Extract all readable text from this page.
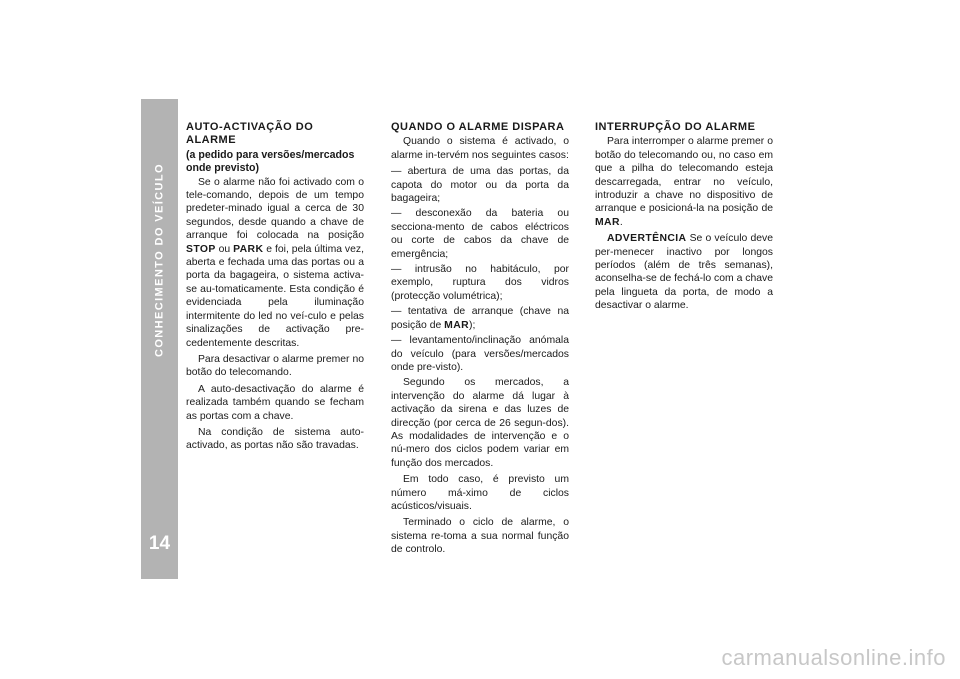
CONHECIMENTO DO VEÍCULO
14
AUTO-ACTIVAÇÃO DO ALARME
(a pedido para versões/mercados onde previsto)

Se o alarme não foi activado com o tele-comando, depois de um tempo predeter-minado igual a cerca de 30 segundos, desde quando a chave de arranque foi colocada na posição STOP ou PARK e foi, pela última vez, aberta e fechada uma das portas ou a porta da bagageira, o sistema activa-se au-tomaticamente. Esta condição é evidenciada pela iluminação intermitente do led no veí-culo e pelas sinalizações de activação pre-cedentemente descritas.

Para desactivar o alarme premer no botão do telecomando.

A auto-desactivação do alarme é realizada também quando se fecham as portas com a chave.

Na condição de sistema auto-activado, as portas não são travadas.

QUANDO O ALARME DISPARA

Quando o sistema é activado, o alarme in-tervém nos seguintes casos:

— abertura de uma das portas, da capota do motor ou da porta da bagageira;

— desconexão da bateria ou secciona-mento de cabos eléctricos ou corte de cabos da chave de emergência;

— intrusão no habitáculo, por exemplo, ruptura dos vidros (protecção volumétrica);

— tentativa de arranque (chave na posição de MAR);

— levantamento/inclinação anómala do veículo (para versões/mercados onde pre-visto).

Segundo os mercados, a intervenção do alarme dá lugar à activação da sirena e das luzes de direcção (por cerca de 26 segun-dos). As modalidades de intervenção e o nú-mero dos ciclos podem variar em função dos mercados.

Em todo caso, é previsto um número má-ximo de ciclos acústicos/visuais.

Terminado o ciclo de alarme, o sistema re-toma a sua normal função de controlo.

INTERRUPÇÃO DO ALARME

Para interromper o alarme premer o botão do telecomando ou, no caso em que a pilha do telecomando esteja descarregada, entrar no veículo, introduzir a chave no dispositivo de arranque e posicioná-la na posição de MAR.

ADVERTÊNCIA Se o veículo deve per-menecer inactivo por longos períodos (além de três semanas), aconselha-se de fechá-lo com a chave pela lingueta da porta, de modo a desactivar o alarme.

carmanualsonline.info
